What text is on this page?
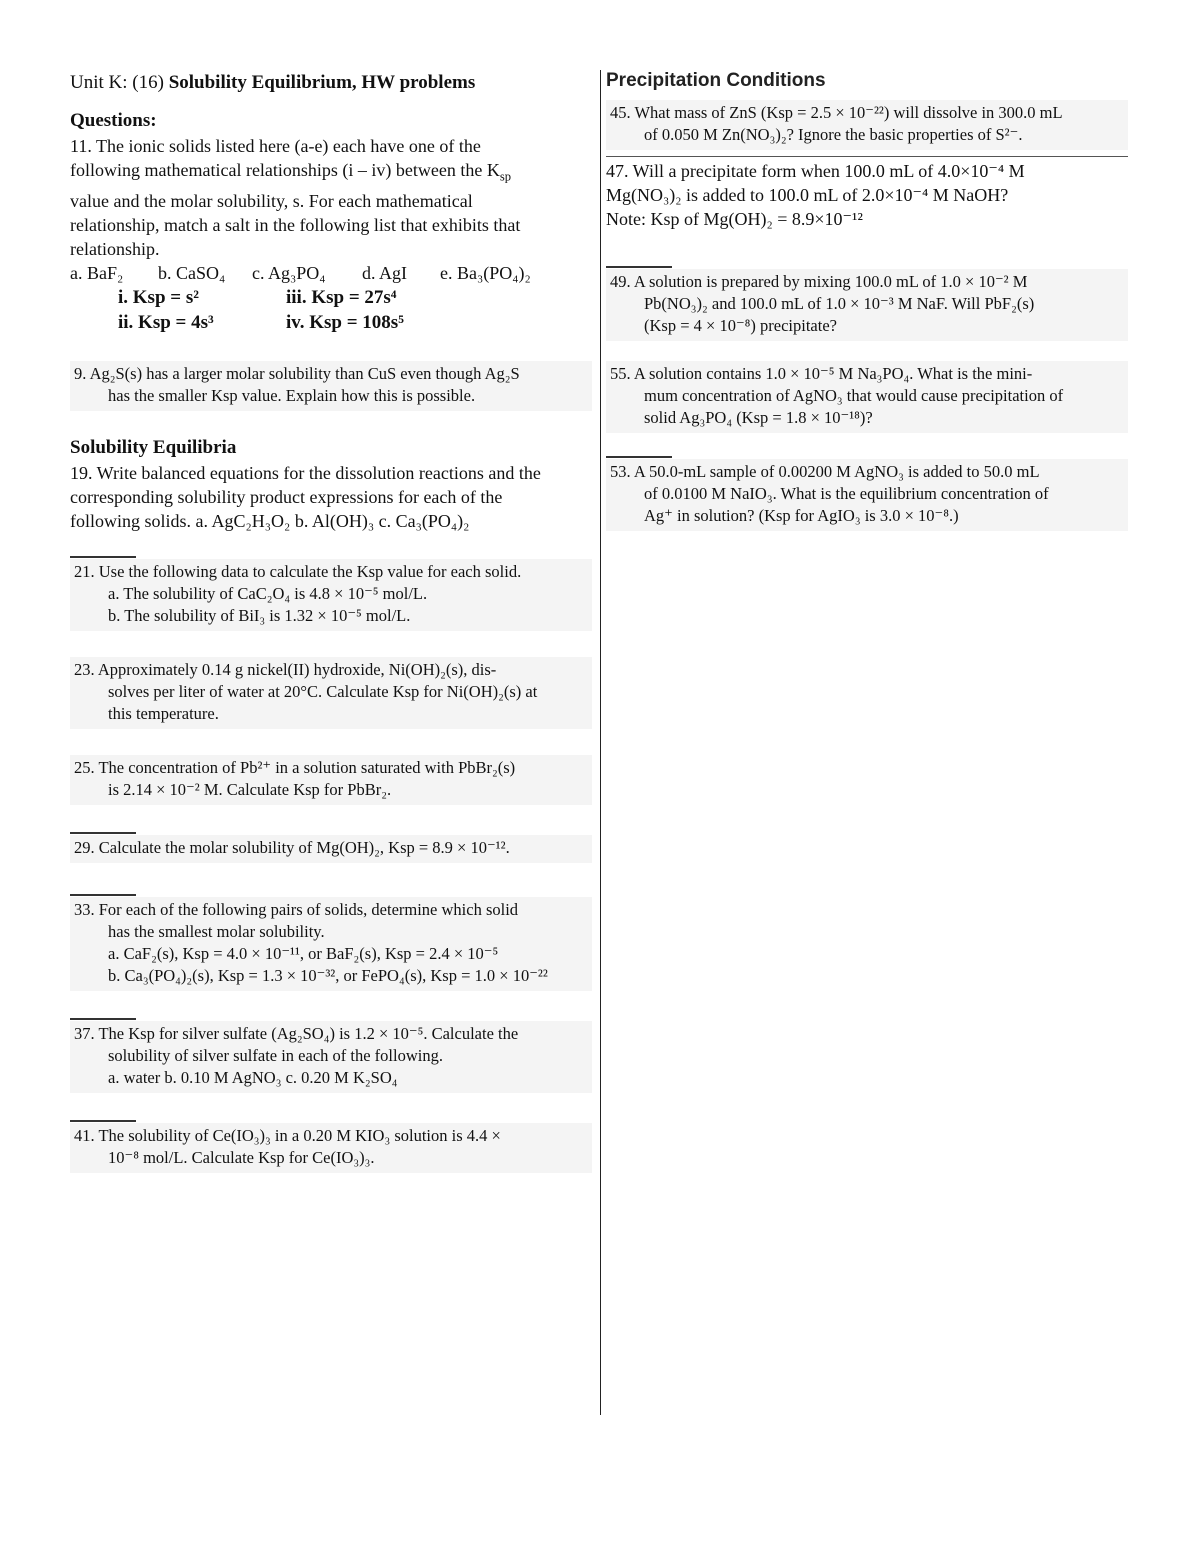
Unit K: (16) Solubility Equilibrium, HW problems
Questions:

11. The ionic solids listed here (a-e) each have one of the

following mathematical relationships (i – iv) between the $K_{sp}$

value and the molar solubility, s. For each mathematical

relationship, match a salt in the following list that exhibits that

relationship.

a. BaF₂	b. CaSO₄	c. Ag₃PO₄	d. AgI	e. Ba₃(PO₄)₂
i. Ksp = s²	iii. Ksp = 27s⁴
ii. Ksp = 4s³	iv. Ksp = 108s⁵
9. Ag₂S(s) has a larger molar solubility than CuS even though Ag₂S
has the smaller Ksp value. Explain how this is possible.
Solubility Equilibria

19. Write balanced equations for the dissolution reactions and the

corresponding solubility product expressions for each of the

following solids. a. AgC₂H₃O₂ b. Al(OH)₃ c. Ca₃(PO₄)₂

21. Use the following data to calculate the Ksp value for each solid.
a. The solubility of CaC₂O₄ is 4.8 × 10⁻⁵ mol/L.
b. The solubility of BiI₃ is 1.32 × 10⁻⁵ mol/L.
23. Approximately 0.14 g nickel(II) hydroxide, Ni(OH)₂(s), dis-
solves per liter of water at 20°C. Calculate Ksp for Ni(OH)₂(s) at
this temperature.
25. The concentration of Pb²⁺ in a solution saturated with PbBr₂(s)
is 2.14 × 10⁻² M. Calculate Ksp for PbBr₂.
29. Calculate the molar solubility of Mg(OH)₂, Ksp = 8.9 × 10⁻¹².
33. For each of the following pairs of solids, determine which solid
has the smallest molar solubility.
a. CaF₂(s), Ksp = 4.0 × 10⁻¹¹, or BaF₂(s), Ksp = 2.4 × 10⁻⁵
b. Ca₃(PO₄)₂(s), Ksp = 1.3 × 10⁻³², or FePO₄(s), Ksp = 1.0 × 10⁻²²
37. The Ksp for silver sulfate (Ag₂SO₄) is 1.2 × 10⁻⁵. Calculate the
solubility of silver sulfate in each of the following.
a. water b. 0.10 M AgNO₃ c. 0.20 M K₂SO₄
41. The solubility of Ce(IO₃)₃ in a 0.20 M KIO₃ solution is 4.4 ×
10⁻⁸ mol/L. Calculate Ksp for Ce(IO₃)₃.
Precipitation Conditions
45. What mass of ZnS (Ksp = 2.5 × 10⁻²²) will dissolve in 300.0 mL
of 0.050 M Zn(NO₃)₂? Ignore the basic properties of S²⁻.
47. Will a precipitate form when 100.0 mL of 4.0×10⁻⁴ M
Mg(NO₃)₂ is added to 100.0 mL of 2.0×10⁻⁴ M NaOH?
Note: Ksp of Mg(OH)₂ = 8.9×10⁻¹²
49. A solution is prepared by mixing 100.0 mL of 1.0 × 10⁻² M
Pb(NO₃)₂ and 100.0 mL of 1.0 × 10⁻³ M NaF. Will PbF₂(s)
(Ksp = 4 × 10⁻⁸) precipitate?
55. A solution contains 1.0 × 10⁻⁵ M Na₃PO₄. What is the mini-
mum concentration of AgNO₃ that would cause precipitation of
solid Ag₃PO₄ (Ksp = 1.8 × 10⁻¹⁸)?
53. A 50.0-mL sample of 0.00200 M AgNO₃ is added to 50.0 mL
of 0.0100 M NaIO₃. What is the equilibrium concentration of
Ag⁺ in solution? (Ksp for AgIO₃ is 3.0 × 10⁻⁸.)
